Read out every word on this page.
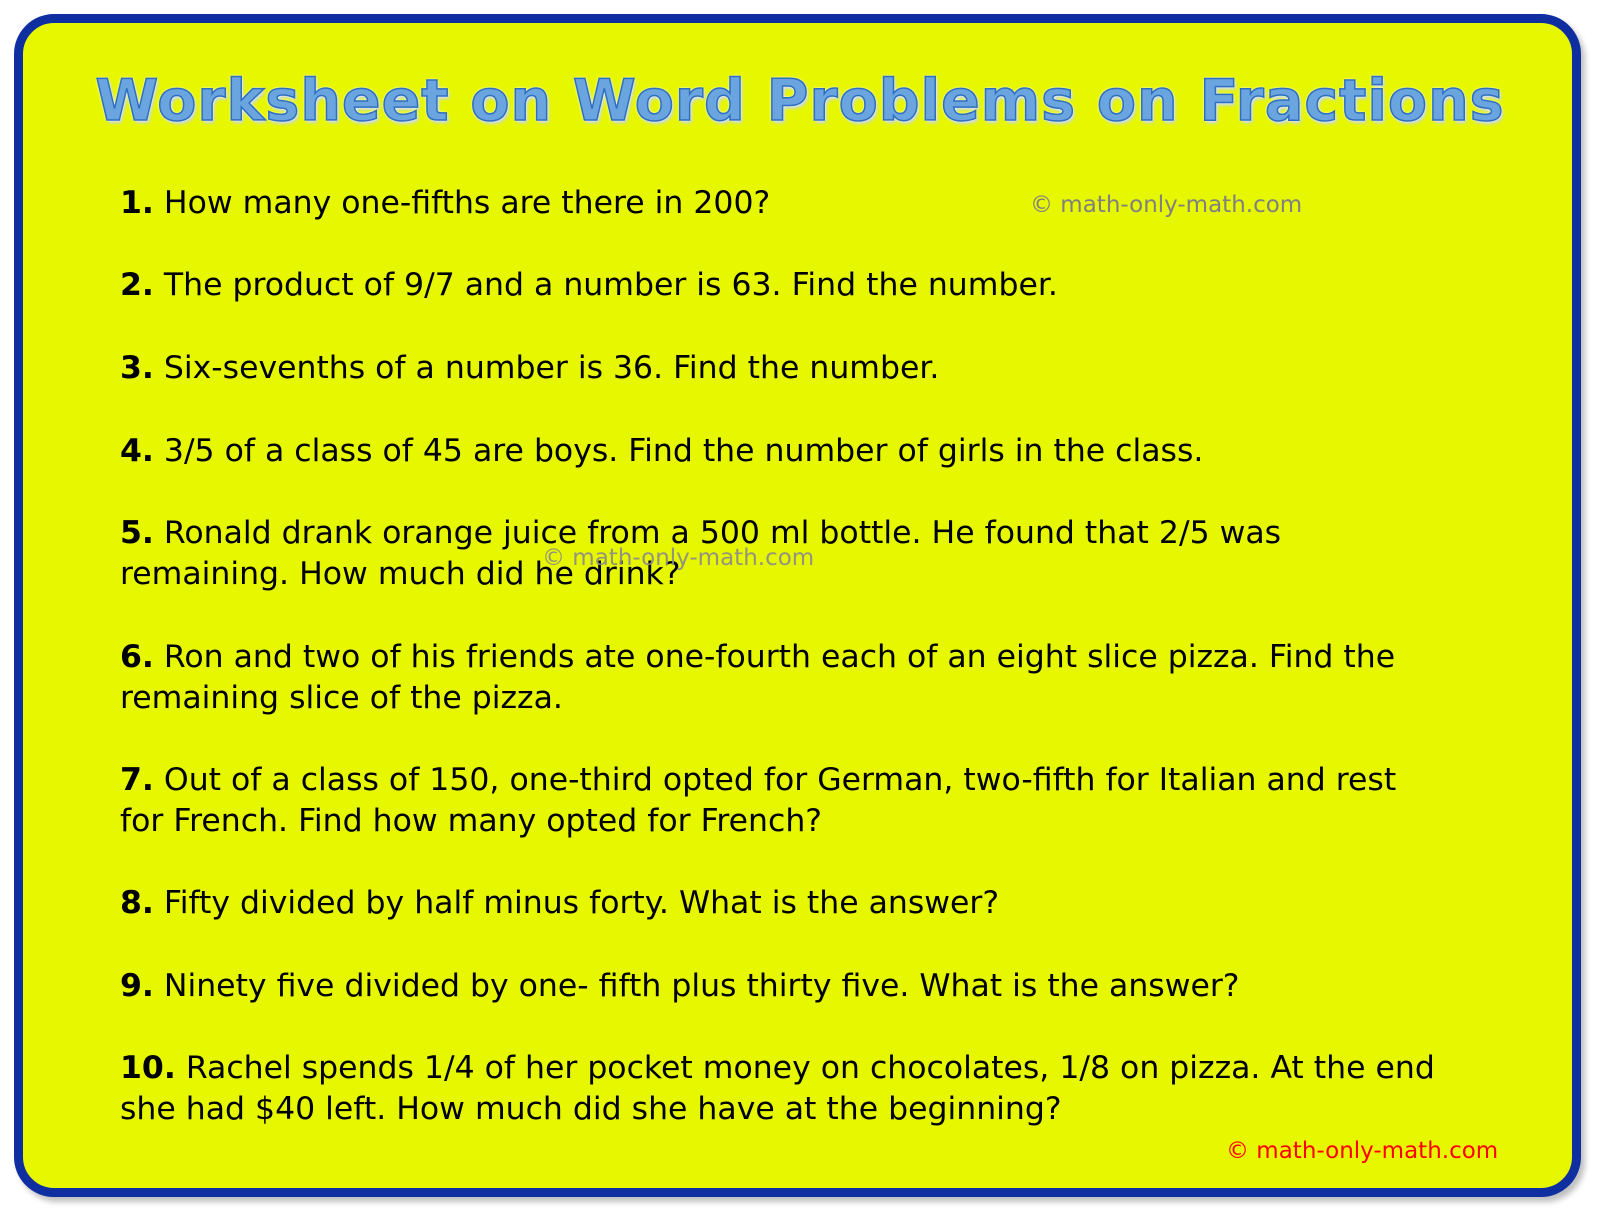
Worksheet on Word Problems on Fractions
1. How many one-fifths are there in 200?
2. The product of 9/7 and a number is 63. Find the number.
3. Six-sevenths of a number is 36. Find the number.
4. 3/5 of a class of 45 are boys. Find the number of girls in the class.
5. Ronald drank orange juice from a 500 ml bottle. He found that 2/5 was remaining. How much did he drink?
6. Ron and two of his friends ate one-fourth each of an eight slice pizza. Find the remaining slice of the pizza.
7. Out of a class of 150, one-third opted for German, two-fifth for Italian and rest for French. Find how many opted for French?
8. Fifty divided by half minus forty. What is the answer?
9. Ninety five divided by one- fifth plus thirty five. What is the answer?
10. Rachel spends 1/4 of her pocket money on chocolates, 1/8 on pizza. At the end she had $40 left. How much did she have at the beginning?
© math-only-math.com
© math-only-math.com
© math-only-math.com
